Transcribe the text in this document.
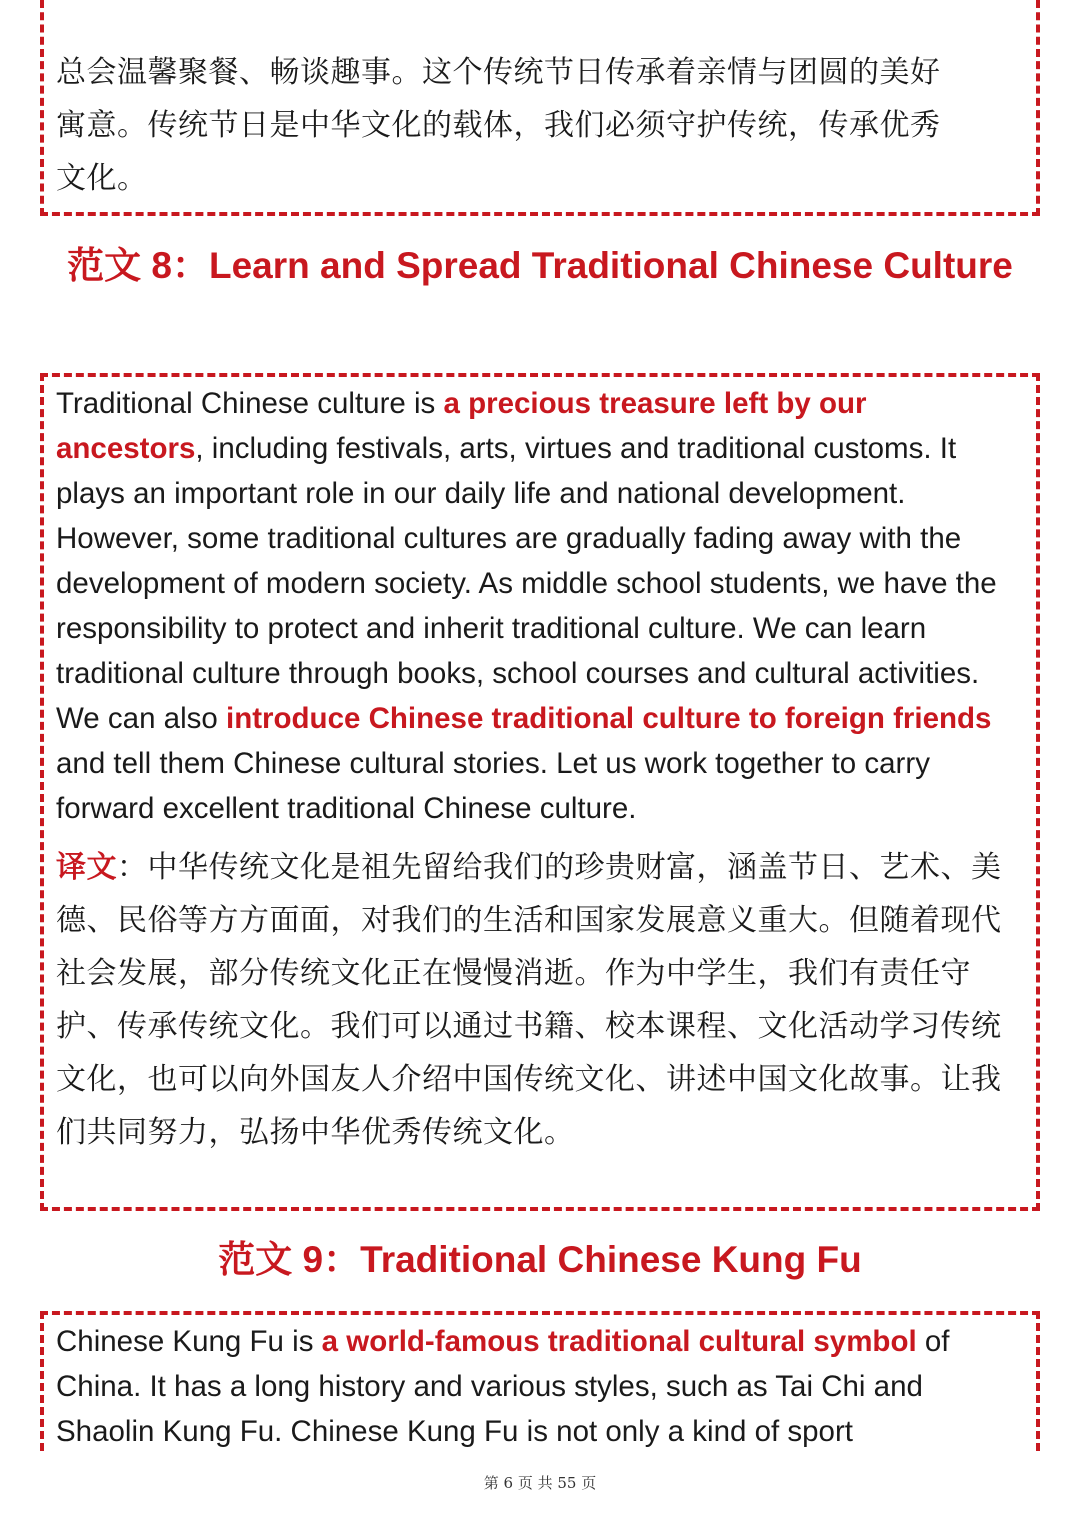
总会温馨聚餐、畅谈趣事。这个传统节日传承着亲情与团圆的美好

寓意。传统节日是中华文化的载体，我们必须守护传统，传承优秀

文化。

范文 8：Learn and Spread Traditional Chinese Culture

Traditional Chinese culture is a precious treasure left by our ancestors, including festivals, arts, virtues and traditional customs. It plays an important role in our daily life and national development. However, some traditional cultures are gradually fading away with the development of modern society. As middle school students, we have the responsibility to protect and inherit traditional culture. We can learn traditional culture through books, school courses and cultural activities. We can also introduce Chinese traditional culture to foreign friends and tell them Chinese cultural stories. Let us work together to carry forward excellent traditional Chinese culture.

译文：中华传统文化是祖先留给我们的珍贵财富，涵盖节日、艺术、美德、民俗等方方面面，对我们的生活和国家发展意义重大。但随着现代社会发展，部分传统文化正在慢慢消逝。作为中学生，我们有责任守护、传承传统文化。我们可以通过书籍、校本课程、文化活动学习传统文化，也可以向外国友人介绍中国传统文化、讲述中国文化故事。让我们共同努力，弘扬中华优秀传统文化。

范文 9：Traditional Chinese Kung Fu

Chinese Kung Fu is a world-famous traditional cultural symbol of China. It has a long history and various styles, such as Tai Chi and Shaolin Kung Fu. Chinese Kung Fu is not only a kind of sport

第 6 页 共 55 页
